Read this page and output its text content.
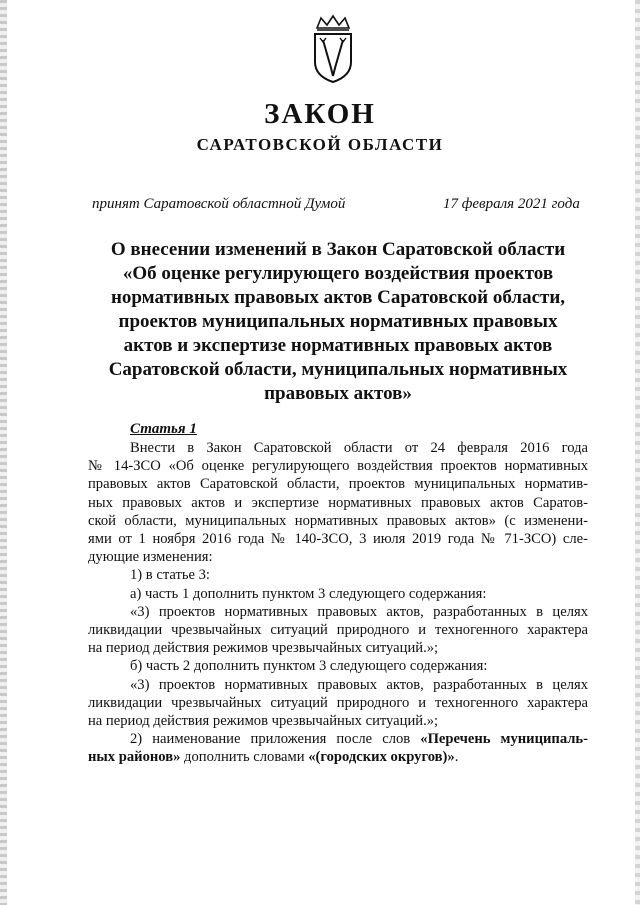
ЗАКОН
САРАТОВСКОЙ ОБЛАСТИ
принят Саратовской областной Думой	17 февраля 2021 года
О внесении изменений в Закон Саратовской области
«Об оценке регулирующего воздействия проектов
нормативных правовых актов Саратовской области,
проектов муниципальных нормативных правовых
актов и экспертизе нормативных правовых актов
Саратовской области, муниципальных нормативных
правовых актов»
Статья 1
Внести в Закон Саратовской области от 24 февраля 2016 года
№ 14-ЗСО «Об оценке регулирующего воздействия проектов нормативных
правовых актов Саратовской области, проектов муниципальных норматив-
ных правовых актов и экспертизе нормативных правовых актов Саратов-
ской области, муниципальных нормативных правовых актов» (с изменени-
ями от 1 ноября 2016 года № 140-ЗСО, 3 июля 2019 года № 71-ЗСО) сле-
дующие изменения:
1) в статье 3:
а) часть 1 дополнить пунктом 3 следующего содержания:
«3) проектов нормативных правовых актов, разработанных в целях
ликвидации чрезвычайных ситуаций природного и техногенного характера
на период действия режимов чрезвычайных ситуаций.»;
б) часть 2 дополнить пунктом 3 следующего содержания:
«3) проектов нормативных правовых актов, разработанных в целях
ликвидации чрезвычайных ситуаций природного и техногенного характера
на период действия режимов чрезвычайных ситуаций.»;
2) наименование приложения после слов «Перечень муниципаль-
ных районов» дополнить словами «(городских округов)».
